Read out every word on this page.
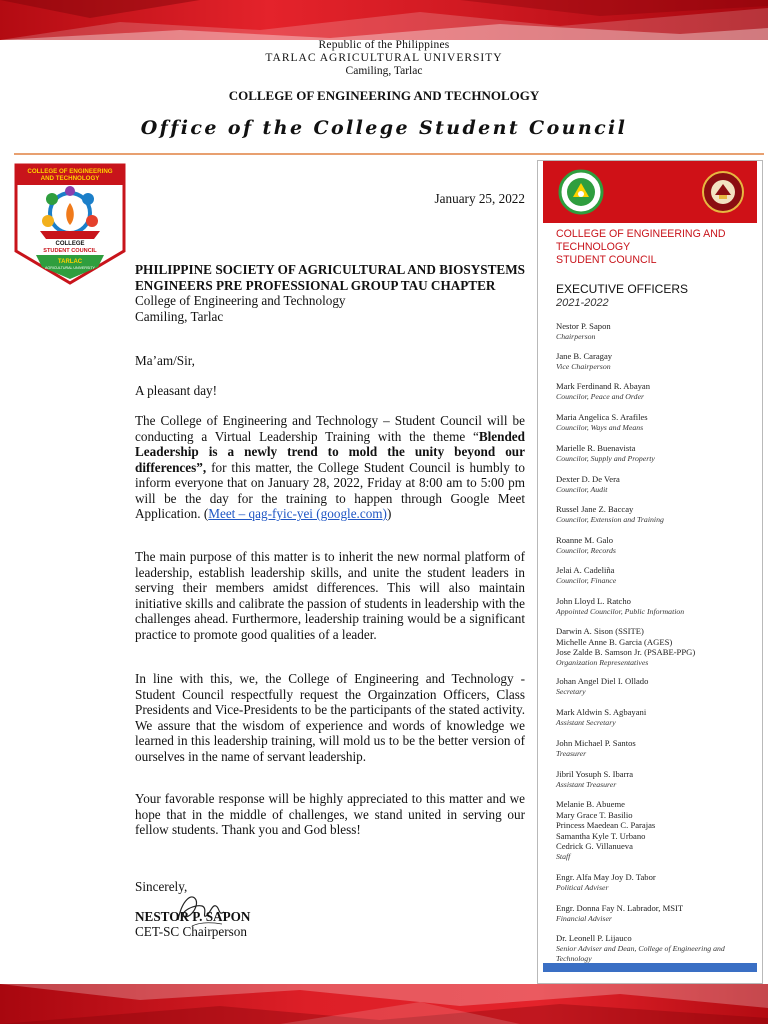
Republic of the Philippines
TARLAC AGRICULTURAL UNIVERSITY
Camiling, Tarlac
COLLEGE OF ENGINEERING AND TECHNOLOGY
Office of the College Student Council
COLLEGE OF ENGINEERING AND TECHNOLOGY
COLLEGE
STUDENT COUNCIL
TARLAC
AGRICULTURAL UNIVERSITY
January 25, 2022
PHILIPPINE SOCIETY OF AGRICULTURAL AND BIOSYSTEMS ENGINEERS PRE PROFESSIONAL GROUP TAU CHAPTER
College of Engineering and Technology
Camiling, Tarlac
Ma’am/Sir,
A pleasant day!
The College of Engineering and Technology – Student Council will be conducting a Virtual Leadership Training with the theme “Blended Leadership is a newly trend to mold the unity beyond our differences”, for this matter, the College Student Council is humbly to inform everyone that on January 28, 2022, Friday at 8:00 am to 5:00 pm will be the day for the training to happen through Google Meet Application. (Meet – qag-fyic-yei (google.com))
The main purpose of this matter is to inherit the new normal platform of leadership, establish leadership skills, and unite the student leaders in serving their members amidst differences. This will also maintain initiative skills and calibrate the passion of students in leadership with the challenges ahead. Furthermore, leadership training would be a significant practice to promote good qualities of a leader.
In line with this, we, the College of Engineering and Technology - Student Council respectfully request the Orgainzation Officers, Class Presidents and Vice-Presidents to be the participants of the stated activity. We assure that the wisdom of experience and words of knowledge we learned in this leadership training, will mold us to be the better version of ourselves in the name of servant leadership.
Your favorable response will be highly appreciated to this matter and we hope that in the middle of challenges, we stand united in serving our fellow students. Thank you and God bless!
Sincerely,
NESTOR P. SAPON
CET-SC Chairperson
COLLEGE OF ENGINEERING AND
TECHNOLOGY
STUDENT COUNCIL
EXECUTIVE OFFICERS
2021-2022
Nestor P. Sapon
Chairperson
Jane B. Caragay
Vice Chairperson
Mark Ferdinand R. Abayan
Councilor, Peace and Order
Maria Angelica S. Arafiles
Councilor, Ways and Means
Marielle R. Buenavista
Councilor, Supply and Property
Dexter D. De Vera
Councilor, Audit
Russel Jane Z. Baccay
Councilor, Extension and Training
Roanne M. Galo
Councilor, Records
Jelai A. Cadeliña
Councilor, Finance
John Lloyd L. Ratcho
Appointed Councilor, Public Information
Darwin A. Sison (SSITE)
Michelle Anne B. Garcia (AGES)
Jose Zalde B. Samson Jr. (PSABE-PPG)
Organization Representatives
Johan Angel Diel I. Ollado
Secretary
Mark Aldwin S. Agbayani
Assistant Secretary
John Michael P. Santos
Treasurer
Jibril Yosuph S. Ibarra
Assistant Treasurer
Melanie B. Abueme
Mary Grace T. Basilio
Princess Maedean C. Parajas
Samantha Kyle T. Urbano
Cedrick G. Villanueva
Staff
Engr. Alfa May Joy D. Tabor
Political Adviser
Engr. Donna Fay N. Labrador, MSIT
Financial Adviser
Dr. Leonell P. Lijauco
Senior Adviser and Dean, College of Engineering and Technology
